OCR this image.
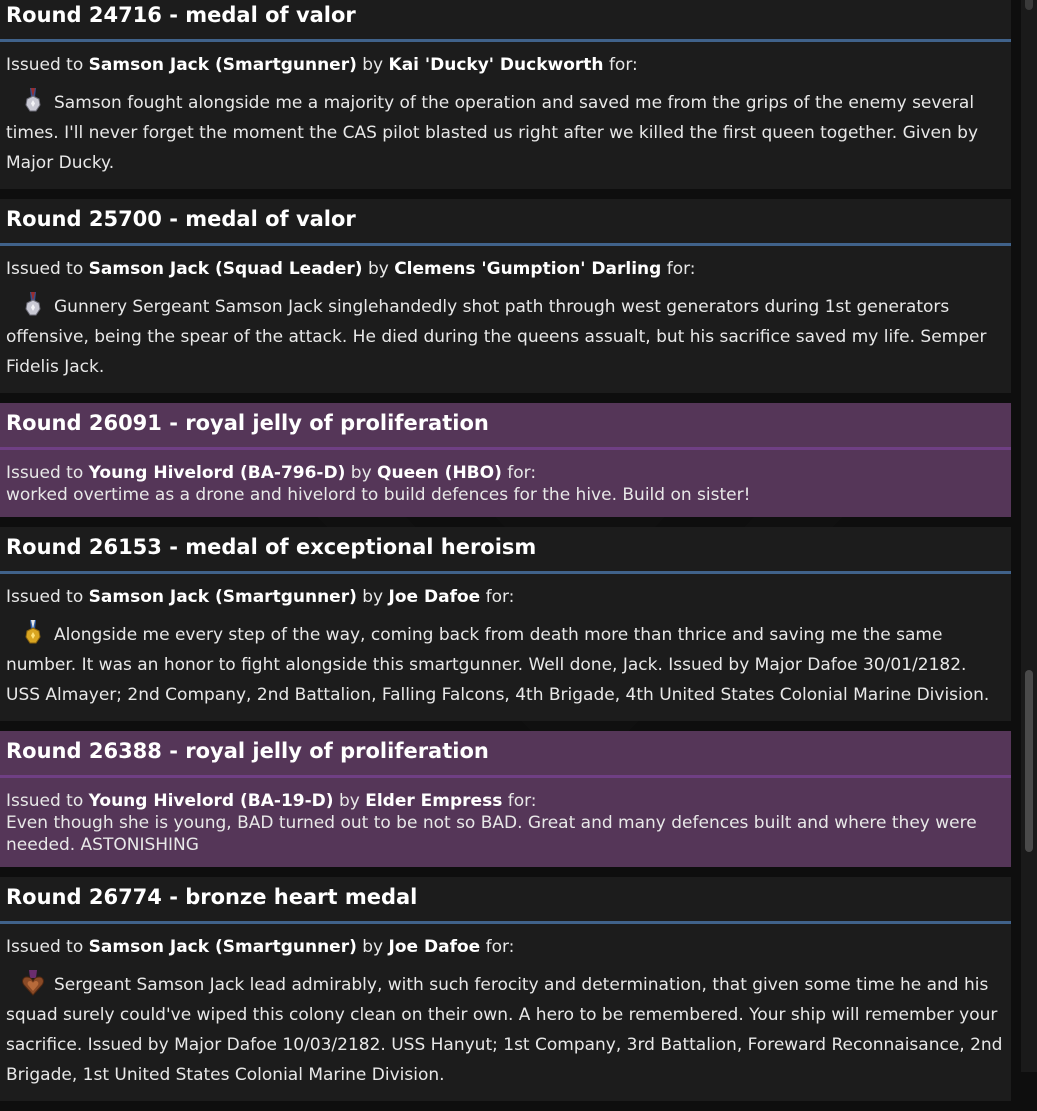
Round 24716 - medal of valor
Issued to Samson Jack (Smartgunner) by Kai 'Ducky' Duckworth for:
Samson fought alongside me a majority of the operation and saved me from the grips of the enemy several times. I'll never forget the moment the CAS pilot blasted us right after we killed the first queen together. Given by Major Ducky.
Round 25700 - medal of valor
Issued to Samson Jack (Squad Leader) by Clemens 'Gumption' Darling for:
Gunnery Sergeant Samson Jack singlehandedly shot path through west generators during 1st generators offensive, being the spear of the attack. He died during the queens assualt, but his sacrifice saved my life. Semper Fidelis Jack.
Round 26091 - royal jelly of proliferation
Issued to Young Hivelord (BA-796-D) by Queen (HBO) for:
worked overtime as a drone and hivelord to build defences for the hive. Build on sister!
Round 26153 - medal of exceptional heroism
Issued to Samson Jack (Smartgunner) by Joe Dafoe for:
Alongside me every step of the way, coming back from death more than thrice and saving me the same number. It was an honor to fight alongside this smartgunner. Well done, Jack. Issued by Major Dafoe 30/01/2182. USS Almayer; 2nd Company, 2nd Battalion, Falling Falcons, 4th Brigade, 4th United States Colonial Marine Division.
Round 26388 - royal jelly of proliferation
Issued to Young Hivelord (BA-19-D) by Elder Empress for:
Even though she is young, BAD turned out to be not so BAD. Great and many defences built and where they were needed. ASTONISHING
Round 26774 - bronze heart medal
Issued to Samson Jack (Smartgunner) by Joe Dafoe for:
Sergeant Samson Jack lead admirably, with such ferocity and determination, that given some time he and his squad surely could've wiped this colony clean on their own. A hero to be remembered. Your ship will remember your sacrifice. Issued by Major Dafoe 10/03/2182. USS Hanyut; 1st Company, 3rd Battalion, Foreward Reconnaisance, 2nd Brigade, 1st United States Colonial Marine Division.
